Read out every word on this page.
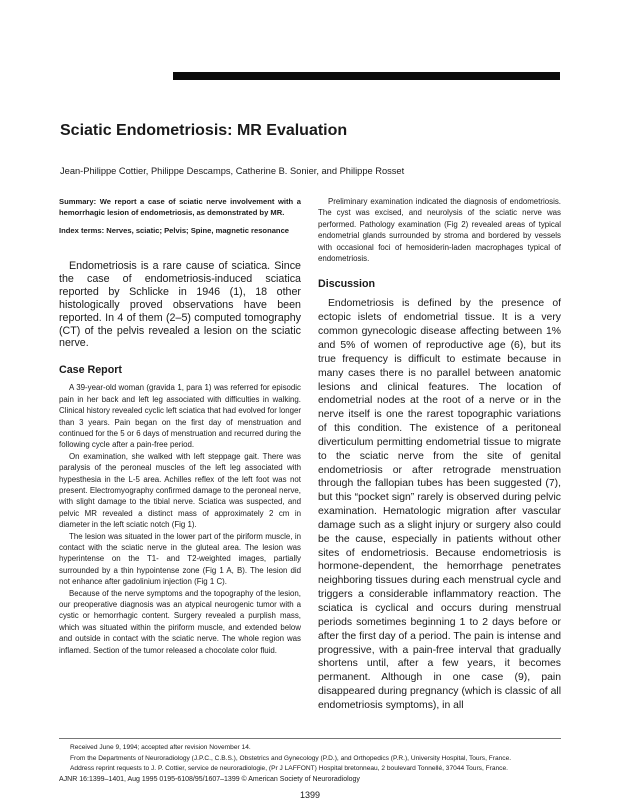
Sciatic Endometriosis: MR Evaluation
Jean-Philippe Cottier, Philippe Descamps, Catherine B. Sonier, and Philippe Rosset

Summary: We report a case of sciatic nerve involvement with a hemorrhagic lesion of endometriosis, as demonstrated by MR.

Index terms: Nerves, sciatic; Pelvis; Spine, magnetic resonance

Endometriosis is a rare cause of sciatica. Since the case of endometriosis-induced sciatica reported by Schlicke in 1946 (1), 18 other histologically proved observations have been reported. In 4 of them (2–5) computed tomography (CT) of the pelvis revealed a lesion on the sciatic nerve.

Case Report

A 39-year-old woman (gravida 1, para 1) was referred for episodic pain in her back and left leg associated with difficulties in walking. Clinical history revealed cyclic left sciatica that had evolved for longer than 3 years. Pain began on the first day of menstruation and continued for the 5 or 6 days of menstruation and recurred during the following cycle after a pain-free period.

On examination, she walked with left steppage gait. There was paralysis of the peroneal muscles of the left leg associated with hypesthesia in the L-5 area. Achilles reflex of the left foot was not present. Electromyography confirmed damage to the peroneal nerve, with slight damage to the tibial nerve. Sciatica was suspected, and pelvic MR revealed a distinct mass of approximately 2 cm in diameter in the left sciatic notch (Fig 1).

The lesion was situated in the lower part of the piriform muscle, in contact with the sciatic nerve in the gluteal area. The lesion was hyperintense on the T1- and T2-weighted images, partially surrounded by a thin hypointense zone (Fig 1 A, B). The lesion did not enhance after gadolinium injection (Fig 1 C).

Because of the nerve symptoms and the topography of the lesion, our preoperative diagnosis was an atypical neurogenic tumor with a cystic or hemorrhagic content. Surgery revealed a purplish mass, which was situated within the piriform muscle, and extended below and outside in contact with the sciatic nerve. The whole region was inflamed. Section of the tumor released a chocolate color fluid.

Preliminary examination indicated the diagnosis of endometriosis. The cyst was excised, and neurolysis of the sciatic nerve was performed. Pathology examination (Fig 2) revealed areas of typical endometrial glands surrounded by stroma and bordered by vessels with occasional foci of hemosiderin-laden macrophages typical of endometriosis.

Discussion

Endometriosis is defined by the presence of ectopic islets of endometrial tissue. It is a very common gynecologic disease affecting between 1% and 5% of women of reproductive age (6), but its true frequency is difficult to estimate because in many cases there is no parallel between anatomic lesions and clinical features. The location of endometrial nodes at the root of a nerve or in the nerve itself is one the rarest topographic variations of this condition. The existence of a peritoneal diverticulum permitting endometrial tissue to migrate to the sciatic nerve from the site of genital endometriosis or after retrograde menstruation through the fallopian tubes has been suggested (7), but this “pocket sign” rarely is observed during pelvic examination. Hematologic migration after vascular damage such as a slight injury or surgery also could be the cause, especially in patients without other sites of endometriosis. Because endometriosis is hormone-dependent, the hemorrhage penetrates neighboring tissues during each menstrual cycle and triggers a considerable inflammatory reaction. The sciatica is cyclical and occurs during menstrual periods sometimes beginning 1 to 2 days before or after the first day of a period. The pain is intense and progressive, with a pain-free interval that gradually shortens until, after a few years, it becomes permanent. Although in one case (9), pain disappeared during pregnancy (which is classic of all endometriosis symptoms), in all

Received June 9, 1994; accepted after revision November 14.

From the Departments of Neuroradiology (J.P.C., C.B.S.), Obstetrics and Gynecology (P.D.), and Orthopedics (P.R.), University Hospital, Tours, France.

Address reprint requests to J. P. Cottier, service de neuroradiologie, (Pr J LAFFONT) Hospital bretonneau, 2 boulevard Tonnellé, 37044 Tours, France.

AJNR 16:1399–1401, Aug 1995 0195-6108/95/1607–1399 © American Society of Neuroradiology
1399
